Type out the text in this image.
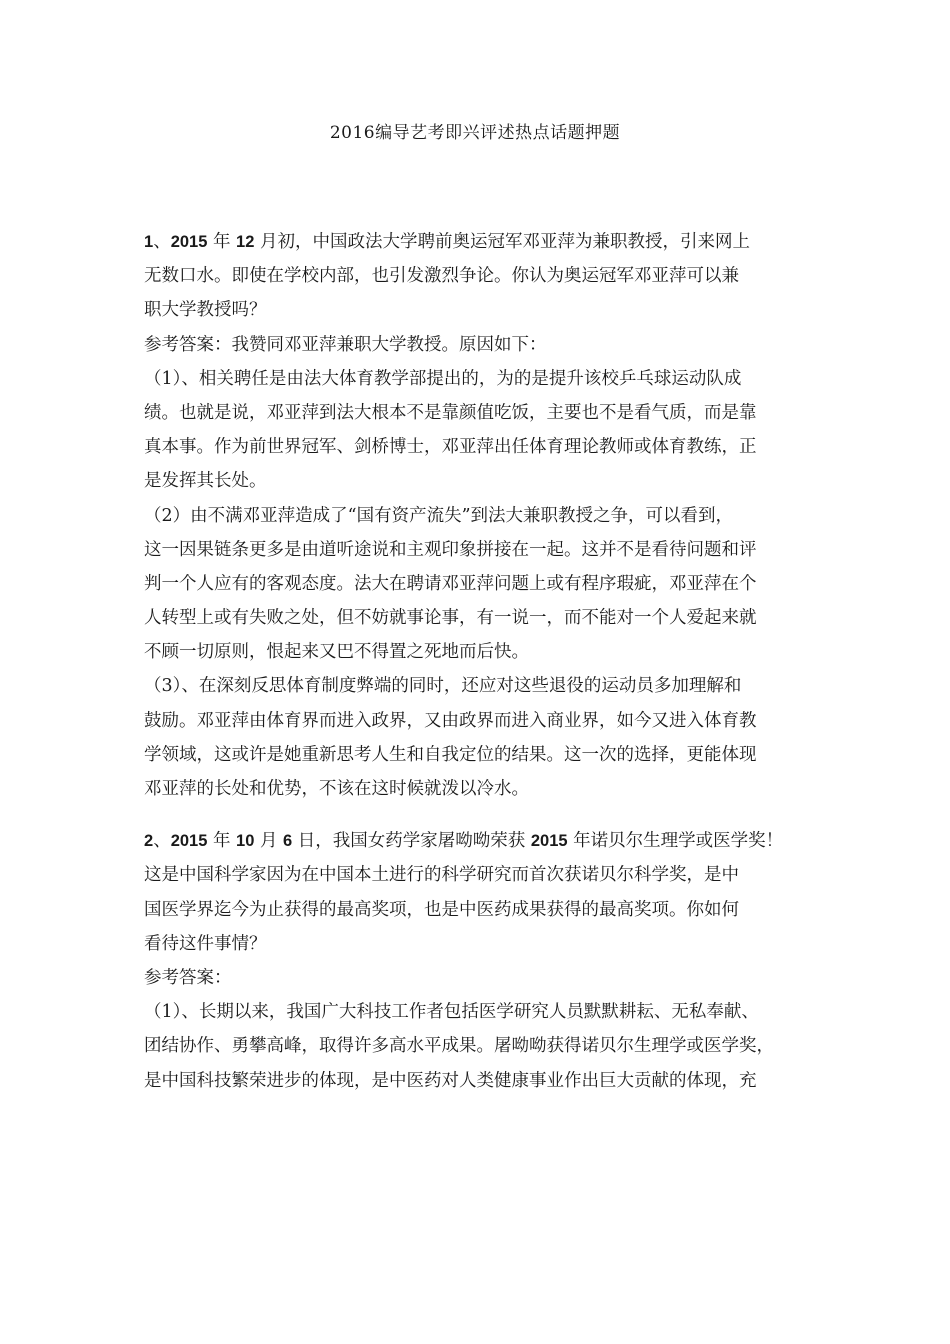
2016编导艺考即兴评述热点话题押题
1、2015 年 12 月初，中国政法大学聘前奥运冠军邓亚萍为兼职教授，引来网上
无数口水。即使在学校内部，也引发激烈争论。你认为奥运冠军邓亚萍可以兼
职大学教授吗？
参考答案：我赞同邓亚萍兼职大学教授。原因如下：
（1）、相关聘任是由法大体育教学部提出的，为的是提升该校乒乓球运动队成
绩。也就是说，邓亚萍到法大根本不是靠颜值吃饭，主要也不是看气质，而是靠
真本事。作为前世界冠军、剑桥博士，邓亚萍出任体育理论教师或体育教练，正
是发挥其长处。
（2）由不满邓亚萍造成了“国有资产流失”到法大兼职教授之争，可以看到，
这一因果链条更多是由道听途说和主观印象拼接在一起。这并不是看待问题和评
判一个人应有的客观态度。法大在聘请邓亚萍问题上或有程序瑕疵，邓亚萍在个
人转型上或有失败之处，但不妨就事论事，有一说一，而不能对一个人爱起来就
不顾一切原则，恨起来又巴不得置之死地而后快。
（3）、在深刻反思体育制度弊端的同时，还应对这些退役的运动员多加理解和
鼓励。邓亚萍由体育界而进入政界，又由政界而进入商业界，如今又进入体育教
学领域，这或许是她重新思考人生和自我定位的结果。这一次的选择，更能体现
邓亚萍的长处和优势，不该在这时候就泼以冷水。
2、2015 年 10 月 6 日，我国女药学家屠呦呦荣获 2015 年诺贝尔生理学或医学奖！
这是中国科学家因为在中国本土进行的科学研究而首次获诺贝尔科学奖，是中
国医学界迄今为止获得的最高奖项，也是中医药成果获得的最高奖项。你如何
看待这件事情？
参考答案：
（1）、长期以来，我国广大科技工作者包括医学研究人员默默耕耘、无私奉献、
团结协作、勇攀高峰，取得许多高水平成果。屠呦呦获得诺贝尔生理学或医学奖，
是中国科技繁荣进步的体现，是中医药对人类健康事业作出巨大贡献的体现，充
